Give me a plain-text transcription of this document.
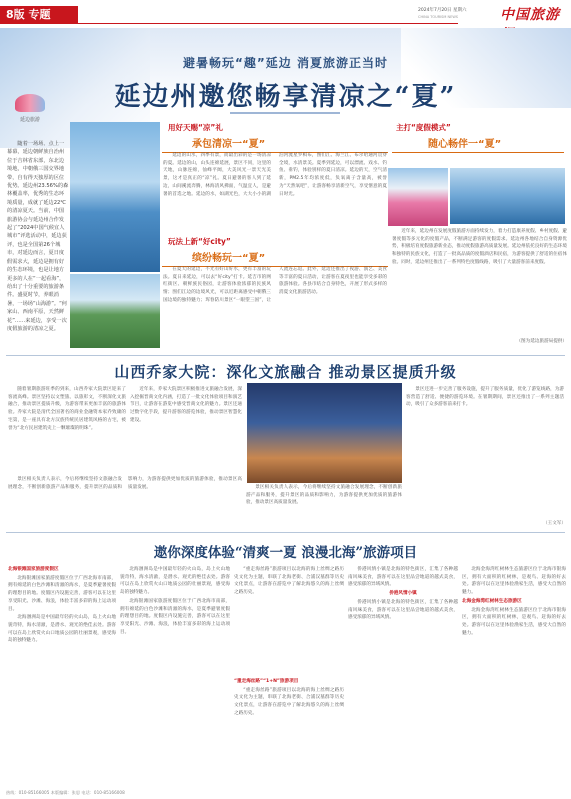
8版 专题	2024年7月20日 星期六
CHINA TOURISM NEWS	中国旅游
避暑畅玩“趣”延边 消夏旅游正当时
延边州邀您畅享清凉之“夏”
延边旅游

随着一场场、点上一幕幕，延边朝鲜族自治州位于吉林省东部，东北边境地，中朝俄三国交界地带，自有得天独厚的区位优势。延边州23.56%的森林覆盖率，优秀的生态环境质量，成就了延边22℃的清凉夏天。当前，中国旅游协会与延边州合作发起了“2024中国气候宜人城市”评选活动中，延边获评，也是全国第26个城市，对延边而言，夏日度假需求大，延边是拥有好的生态环境，也是让地方更多的人在“一起看海”，给出了十分重要的旅游条件。盛夏时节，养眼消暑，一场场“山海游”。“何家山、西南平原，天然鲜花”……来延边，享受一次度假旅游的清凉之夏。

用好天赐“凉”礼
承包清凉一“夏”

延边的山水，四季有景，而最出彩的是一场清凉的夏。延边的山，山头连绵延展，景区不同，这里的天地，山脉连绵，仙峰平阔，大美风光一景天光美景，这才是真正的“凉”礼。夏日避暑的客人到了延边，山间溪流奔腾，林海清风拂面，气温宜人，是避暑的首选之地。延边的水，如湖光色，大大小小的湖泊河流星罗棋布，图们江、海兰江、布尔哈通河贯穿全境，水清景美。夏季到延边，可以漂流、戏水、钓鱼、垂钓，体验别样的夏日清凉。延边的天，空气清新，PM2.5年均浓度低，负氧离子含量高，被誉为“天然氧吧”，让游客畅享清新空气，享受惬意的夏日时光。

玩法上新“好city”
缤纷畅玩一“夏”

在夏天的延边，不光有好山好水，更有丰富的玩法。夏日来延边，可以去“好city”打卡。延吉市的网红街区、朝鲜族民俗园，让游客体验浓郁的民族风情；图们江边的边境风光，可以近距离感受中朝俄三国边境的独特魅力；珲春防川景区“一眼望三国”，让人流连忘返。此外，延边还推出了夜游、演艺、美食等丰富的夏日活动，让游客在夏夜里也能享受多彩的旅游体验。各县市结合自身特色，开展了形式多样的消夏文化旅游活动。

主打“度假模式”
随心畅伴一“夏”

近年来，延边州在发展度假旅游方面持续发力，着力打造康养度假、乡村度假、避暑度假等多元化的度假产品，不断满足游客的度假需求。延边州各地结合自身资源优势，积极培育度假旅游新业态，推动度假旅游高质量发展。延边州依托良好的生态环境和独特的民族文化，打造了一批高品质的度假酒店和民宿，为游客提供了舒适的住宿体验。同时，延边州还推出了一系列特色度假线路，吸引了大量游客前来度假。

（图为延边旅游局提供）
山西乔家大院：深化文旅融合 推动景区提质升级

随着暑期旅游旺季的到来，山西乔家大院景区迎来了客流高峰。景区坚持以文塑旅、以旅彰文，不断深化文旅融合，推动景区提质升级，为游客带来更加丰富的旅游体验。乔家大院是清代全国著名的商业金融资本家乔致庸的宅第，是一座具有北方汉族传统民居建筑风格的古宅，被誉为“北方民居建筑史上一颗璀璨的明珠”。

近年来，乔家大院景区积极推进文旅融合发展，深入挖掘晋商文化内涵，打造了一批文化体验项目和演艺节目，让游客在游览中感受晋商文化的魅力。景区还通过数字化手段，提升游客的游览体验，推动景区智慧化建设。

景区相关负责人表示，今后将继续坚持文旅融合发展理念，不断创新旅游产品和服务，提升景区的品质和影响力，为游客提供更加优质的旅游体验，推动景区高质量发展。

景区还进一步完善了服务设施，提升了服务质量，优化了游览线路，为游客营造了舒适、便捷的游览环境。在暑期期间，景区还推出了一系列主题活动，吸引了众多游客前来打卡。

（王文军）

景区相关负责人表示，今后将继续坚持文旅融合发展理念，不断创新旅游产品和服务，提升景区的品质和影响力，为游客提供更加优质的旅游体验，推动景区高质量发展。

遨你深度体验“清爽一夏 浪漫北海”旅游项目

北海银滩国家旅游度假区

北海银滩国家旅游度假区位于广西北海市南部，拥有绵延的白色沙滩和清澈的海水，是夏季避暑度假的理想目的地。度假区内设施完善，游客可以在这里享受阳光、沙滩、海浪，体验丰富多彩的海上运动项目。

北海涠洲岛是中国最年轻的火山岛，岛上火山地貌奇特，海水清澈，是潜水、观光的绝佳去处。游客可以在岛上欣赏火山口地质公园的壮丽景观，感受海岛的独特魅力。

北海涠洲岛是中国最年轻的火山岛，岛上火山地貌奇特，海水清澈，是潜水、观光的绝佳去处。游客可以在岛上欣赏火山口地质公园的壮丽景观，感受海岛的独特魅力。

北海银滩国家旅游度假区位于广西北海市南部，拥有绵延的白色沙滩和清澈的海水，是夏季避暑度假的理想目的地。度假区内设施完善，游客可以在这里享受阳光、沙滩、海浪，体验丰富多彩的海上运动项目。

“重走海丝路”旅游项目以北海的海上丝绸之路历史文化为主题，串联了北海老街、合浦汉墓群等历史文化景点，让游客在游览中了解北海悠久的海上丝绸之路历史。

“重走海丝路”“1+N”旅游项目

“重走海丝路”旅游项目以北海的海上丝绸之路历史文化为主题，串联了北海老街、合浦汉墓群等历史文化景点，让游客在游览中了解北海悠久的海上丝绸之路历史。

侨港风情小镇是北海的特色街区，汇集了各种越南风味美食，游客可以在这里品尝地道的越式美食，感受浓郁的异域风情。

侨港风情小镇

侨港风情小镇是北海的特色街区，汇集了各种越南风味美食，游客可以在这里品尝地道的越式美食，感受浓郁的异域风情。

北海金海湾红树林生态旅游区位于北海市银海区，拥有大面积的红树林，是观鸟、赶海的好去处。游客可以在这里体验渔家生活，感受大自然的魅力。

北海金海湾红树林生态旅游区

北海金海湾红树林生态旅游区位于北海市银海区，拥有大面积的红树林，是观鸟、赶海的好去处。游客可以在这里体验渔家生活，感受大自然的魅力。

热线：010-85166005 本版编辑：张思 电话：010-85166008
